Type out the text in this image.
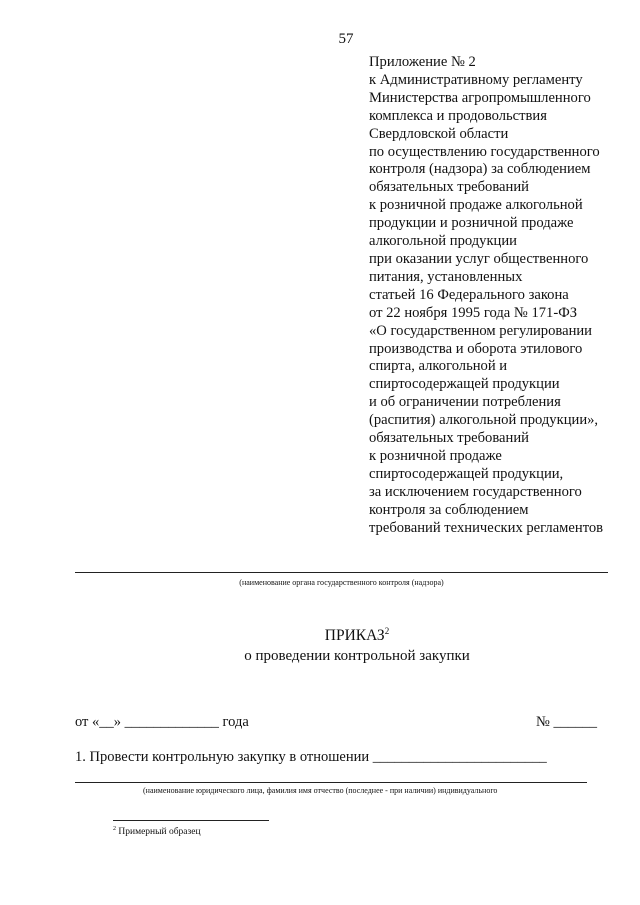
57
Приложение № 2
к Административному регламенту
Министерства агропромышленного
комплекса и продовольствия
Свердловской области
по осуществлению государственного
контроля (надзора) за соблюдением
обязательных требований
к розничной продаже алкогольной
продукции и розничной продаже
алкогольной продукции
при оказании услуг общественного
питания, установленных
статьей 16 Федерального закона
от 22 ноября 1995 года № 171-ФЗ
«О государственном регулировании
производства и оборота этилового
спирта, алкогольной и
спиртосодержащей продукции
и об ограничении потребления
(распития) алкогольной продукции»,
обязательных требований
к розничной продаже
спиртосодержащей продукции,
за исключением государственного
контроля за соблюдением
требований технических регламентов
(наименование органа государственного контроля (надзора)
ПРИКАЗ$^2$
о проведении контрольной закупки
от «__» _____________ года	№ ______
1. Провести контрольную закупку в отношении ________________________
(наименование юридического лица, фамилия имя отчество (последнее - при наличии) индивидуального
$^2$ Примерный образец
